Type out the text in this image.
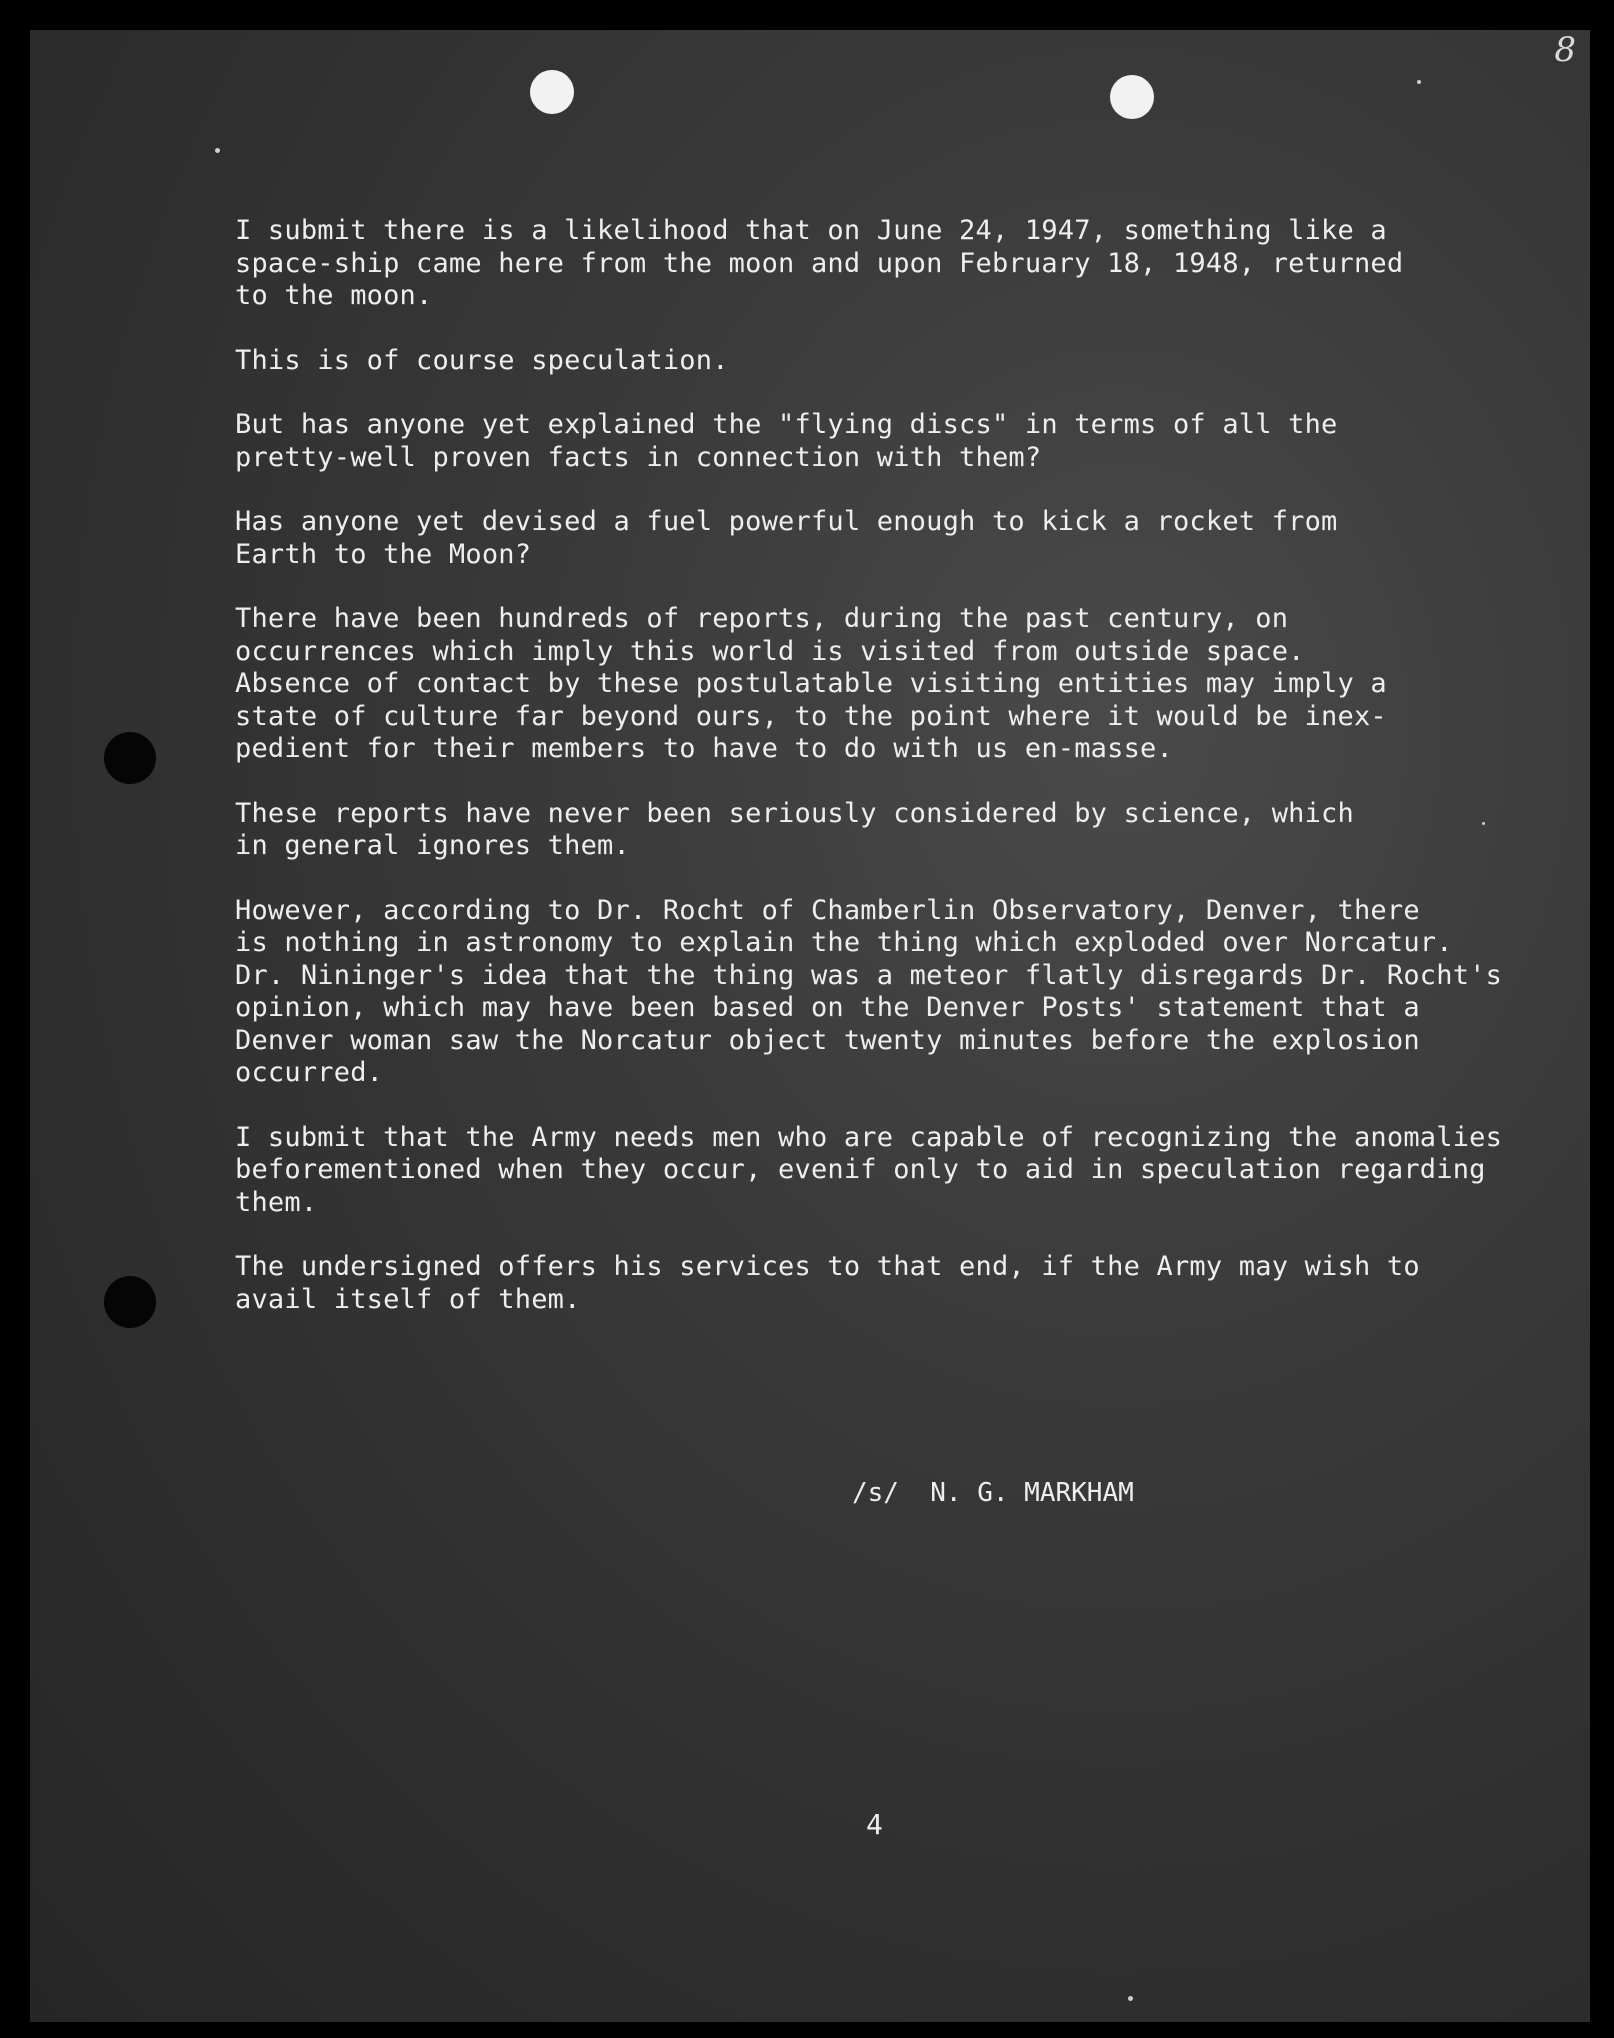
8

I submit there is a likelihood that on June 24, 1947, something like a
space-ship came here from the moon and upon February 18, 1948, returned
to the moon.

This is of course speculation.

But has anyone yet explained the "flying discs" in terms of all the
pretty-well proven facts in connection with them?

Has anyone yet devised a fuel powerful enough to kick a rocket from
Earth to the Moon?

There have been hundreds of reports, during the past century, on
occurrences which imply this world is visited from outside space.
Absence of contact by these postulatable visiting entities may imply a
state of culture far beyond ours, to the point where it would be inex-
pedient for their members to have to do with us en-masse.

These reports have never been seriously considered by science, which
in general ignores them.

However, according to Dr. Rocht of Chamberlin Observatory, Denver, there
is nothing in astronomy to explain the thing which exploded over Norcatur.
Dr. Nininger's idea that the thing was a meteor flatly disregards Dr. Rocht's
opinion, which may have been based on the Denver Posts' statement that a
Denver woman saw the Norcatur object twenty minutes before the explosion
occurred.

I submit that the Army needs men who are capable of recognizing the anomalies
beforementioned when they occur, evenif only to aid in speculation regarding
them.

The undersigned offers his services to that end, if the Army may wish to
avail itself of them.

/s/  N. G. MARKHAM
4
